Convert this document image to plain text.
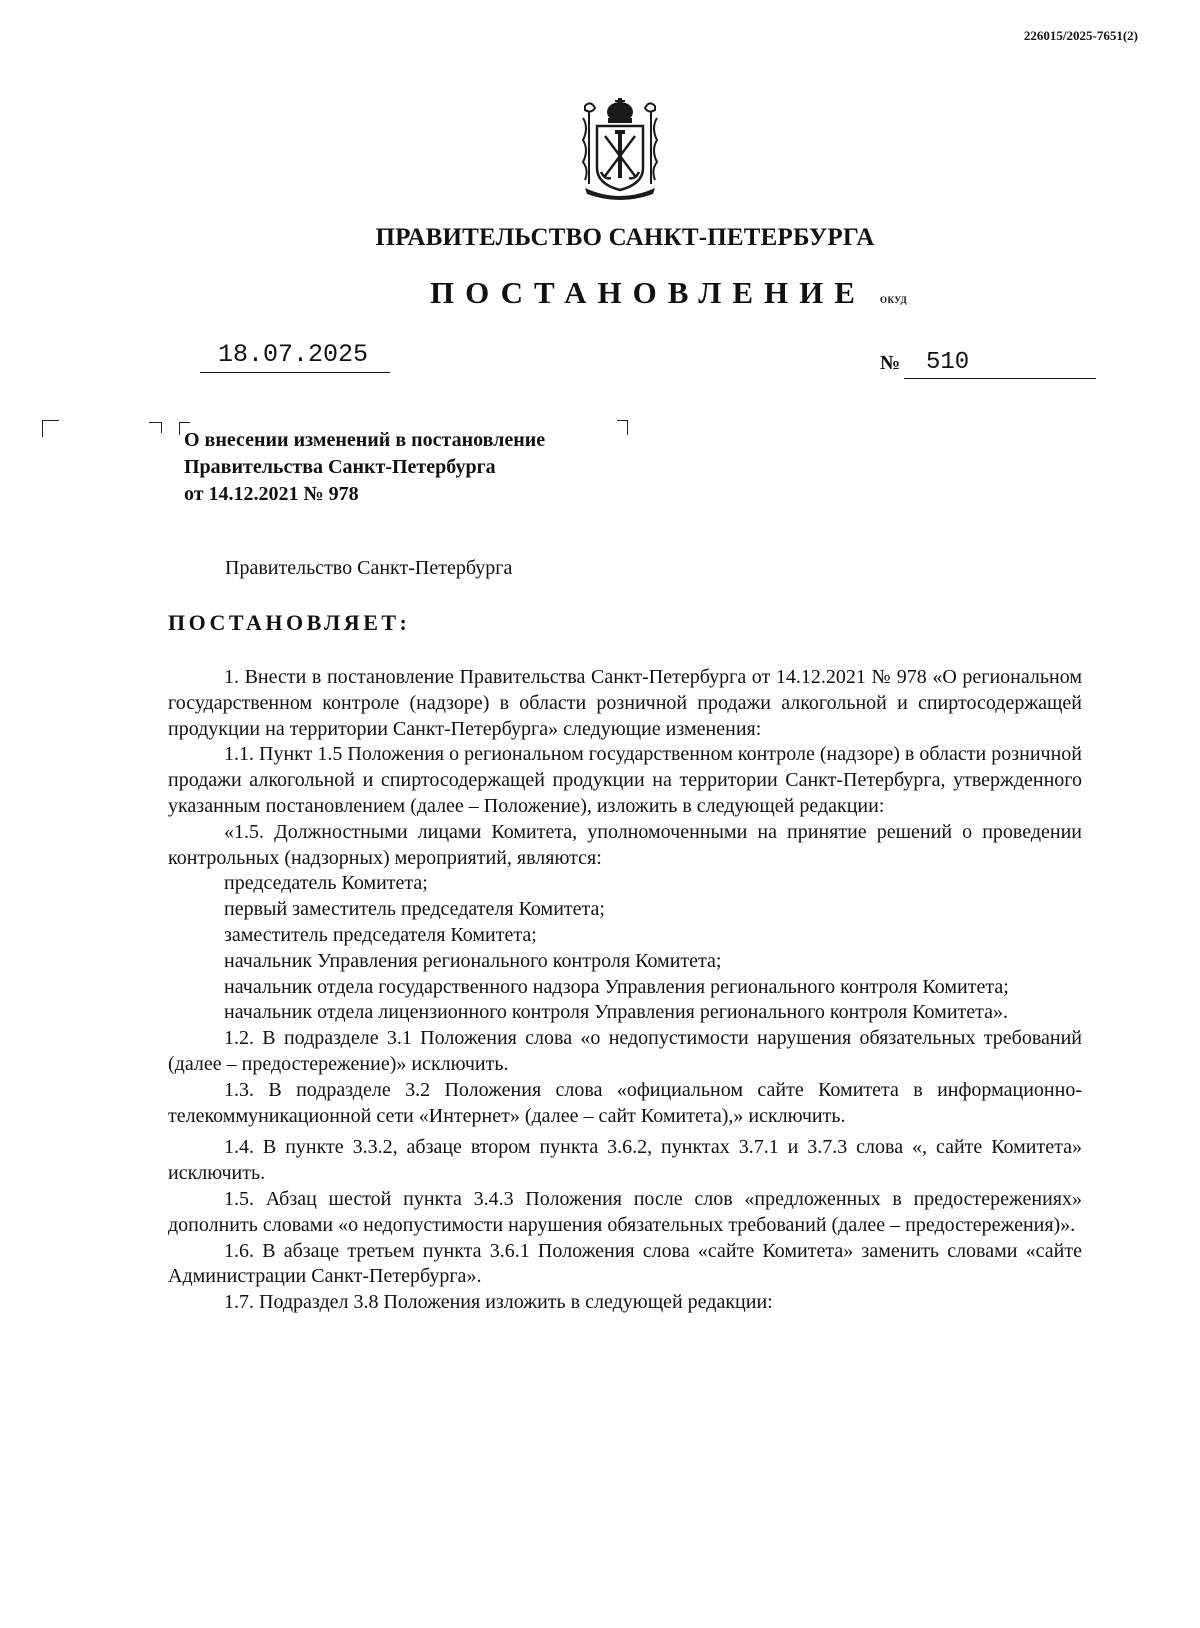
226015/2025-7651(2)
ПРАВИТЕЛЬСТВО САНКТ-ПЕТЕРБУРГА
ПОСТАНОВЛЕНИЕ ОКУД
18.07.2025	№	510
О внесении изменений в постановление
Правительства Санкт-Петербурга
от 14.12.2021 № 978
Правительство Санкт-Петербурга
ПОСТАНОВЛЯЕТ:

1. Внести в постановление Правительства Санкт-Петербурга от 14.12.2021 № 978 «О региональном государственном контроле (надзоре) в области розничной продажи алкогольной и спиртосодержащей продукции на территории Санкт-Петербурга» следующие изменения:

1.1. Пункт 1.5 Положения о региональном государственном контроле (надзоре) в области розничной продажи алкогольной и спиртосодержащей продукции на территории Санкт-Петербурга, утвержденного указанным постановлением (далее – Положение), изложить в следующей редакции:

«1.5. Должностными лицами Комитета, уполномоченными на принятие решений о проведении контрольных (надзорных) мероприятий, являются:

председатель Комитета;

первый заместитель председателя Комитета;

заместитель председателя Комитета;

начальник Управления регионального контроля Комитета;

начальник отдела государственного надзора Управления регионального контроля Комитета;

начальник отдела лицензионного контроля Управления регионального контроля Комитета».

1.2. В подразделе 3.1 Положения слова «о недопустимости нарушения обязательных требований (далее – предостережение)» исключить.

1.3. В подразделе 3.2 Положения слова «официальном сайте Комитета в информационно-телекоммуникационной сети «Интернет» (далее – сайт Комитета),» исключить.

1.4. В пункте 3.3.2, абзаце втором пункта 3.6.2, пунктах 3.7.1 и 3.7.3 слова «, сайте Комитета» исключить.

1.5. Абзац шестой пункта 3.4.3 Положения после слов «предложенных в предостережениях» дополнить словами «о недопустимости нарушения обязательных требований (далее – предостережения)».

1.6. В абзаце третьем пункта 3.6.1 Положения слова «сайте Комитета» заменить словами «сайте Администрации Санкт-Петербурга».

1.7. Подраздел 3.8 Положения изложить в следующей редакции:
